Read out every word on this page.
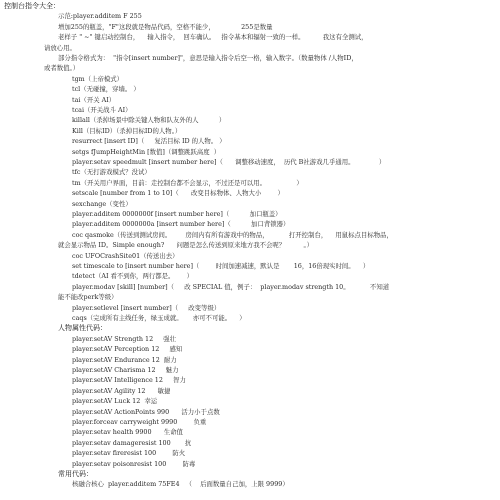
控制台指令大全：
示范:player.additem F 255
增加255的瓶盖，"F"这段就是物品代码，空格不能少，             255是数量
老样子 " ~" 键启动控制台，    输入指令，  回车确认。   指令基本和辐射一致的一样。         我这有全测试，
请放心用。
部分指令格式为：  "指令[insert number]"，意思是输入指令后空一格，输入数字。（数量物体 /人物ID，
或者数值。）
tgm（上帝模式）
tcl（无碰撞，穿墙。 ）
tai（开关 AI）
tcai（开关战斗 AI）
killall（杀掉场景中除关键人物和队友外的人          ）
Kill（目标ID）（杀掉目标ID的人物。）
resurrect [insert ID]（     复活目标 ID 的人物。 ）
setgs fJumpHeightMin [数值]（调整跳跃高度  ）
player.setav speedmult [insert number here]（      调整移动速度，  历代 B社游戏几乎通用。            ）
tfc（无打游戏模式？没试）
tm（开关用户界面，目前：走控制台都不会显示，不过还是可以用。               ）
setscale [number from 1 to 10]（      改变目标物体、人物大小        ）
sexchange（变性）
player.additem 0000000f [insert number here]（          加口瓶盖）
player.additem 0000000a [insert number here]（          加口背锁器）
coc qasmoke（传送到测试房间。       房间内有所有游戏中的物品，          打开控制台，    用鼠标点目标物品，
就会显示物品 ID。Simple enough?      问题是怎么传送到原来地方我不会呢？         。）
coc UFOCrashSite01（传送出去）
set timescale to [insert number here]（        时间加速减速，默认是       16，16倍现实时间。    ）
tdetect（AI 看不到你，两行都是。      ）
player.modav [skill] [number]（     改 SPECIAL 值，例子：  player.modav strength 10。          不知道
能不能改perk等级）
player.setlevel [insert number]（     改变等级）
caqs（完成所有主线任务，绿玉成就。     亦可不可能。    ）
人物属性代码：
player.setAV Strength 12     强壮
player.setAV Perception 12     感知
player.setAV Endurance 12  耐力
player.setAV Charisma 12     魅力
player.setAV Intelligence 12     智力
player.setAV Agility 12      敏捷
player.setAV Luck 12  幸运
player.setAV ActionPoints 990      活力小于点数
player.forceav carryweight 9990        负重
player.setav health 9900      生命值
player.setav damageresist 100       抗
player.setav fireresist 100        防火
player.setav poisonresist 100        防毒
常用代码：
核融合核心  player.additem 75FE4   （    后面数量自己加，上限 9999）
